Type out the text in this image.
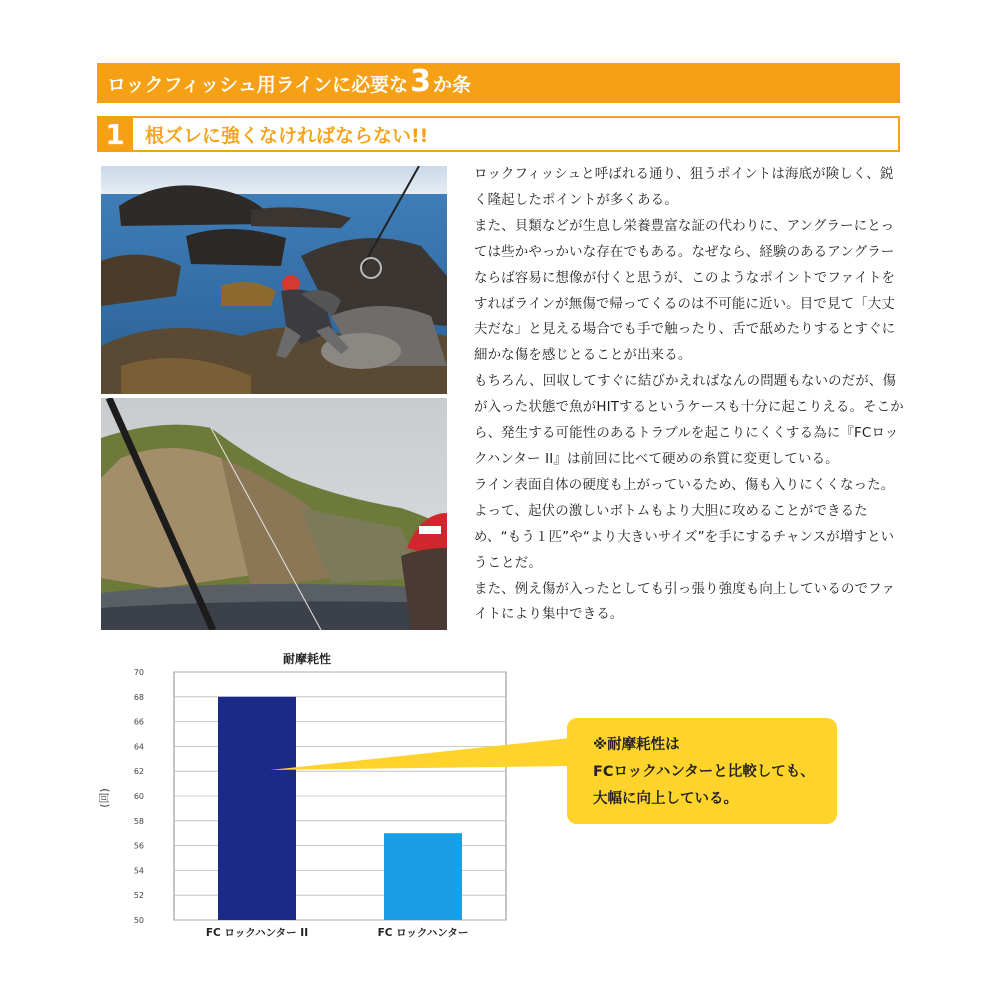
ロックフィッシュ用ラインに必要な 3 か条
1	根ズレに強くなければならない!!

ロックフィッシュと呼ばれる通り、狙うポイントは海底が険しく、鋭く隆起したポイントが多くある。

また、貝類などが生息し栄養豊富な証の代わりに、アングラーにとっては些かやっかいな存在でもある。なぜなら、経験のあるアングラーならば容易に想像が付くと思うが、このようなポイントでファイトをすればラインが無傷で帰ってくるのは不可能に近い。目で見て「大丈夫だな」と見える場合でも手で触ったり、舌で舐めたりするとすぐに細かな傷を感じとることが出来る。

もちろん、回収してすぐに結びかえればなんの問題もないのだが、傷が入った状態で魚がHITするというケースも十分に起こりえる。そこから、発生する可能性のあるトラブルを起こりにくくする為に『FCロックハンター II』は前回に比べて硬めの糸質に変更している。

ライン表面自体の硬度も上がっているため、傷も入りにくくなった。よって、起伏の激しいボトムもより大胆に攻めることができるため、“もう１匹”や“より大きいサイズ”を手にするチャンスが増すということだ。

また、例え傷が入ったとしても引っ張り強度も向上しているのでファイトにより集中できる。

耐摩耗性
(回)
50
52
54
56
58
60
62
64
66
68
70
FC ロックハンター II	FC ロックハンター

※耐摩耗性は

FCロックハンターと比較しても、

大幅に向上している。
